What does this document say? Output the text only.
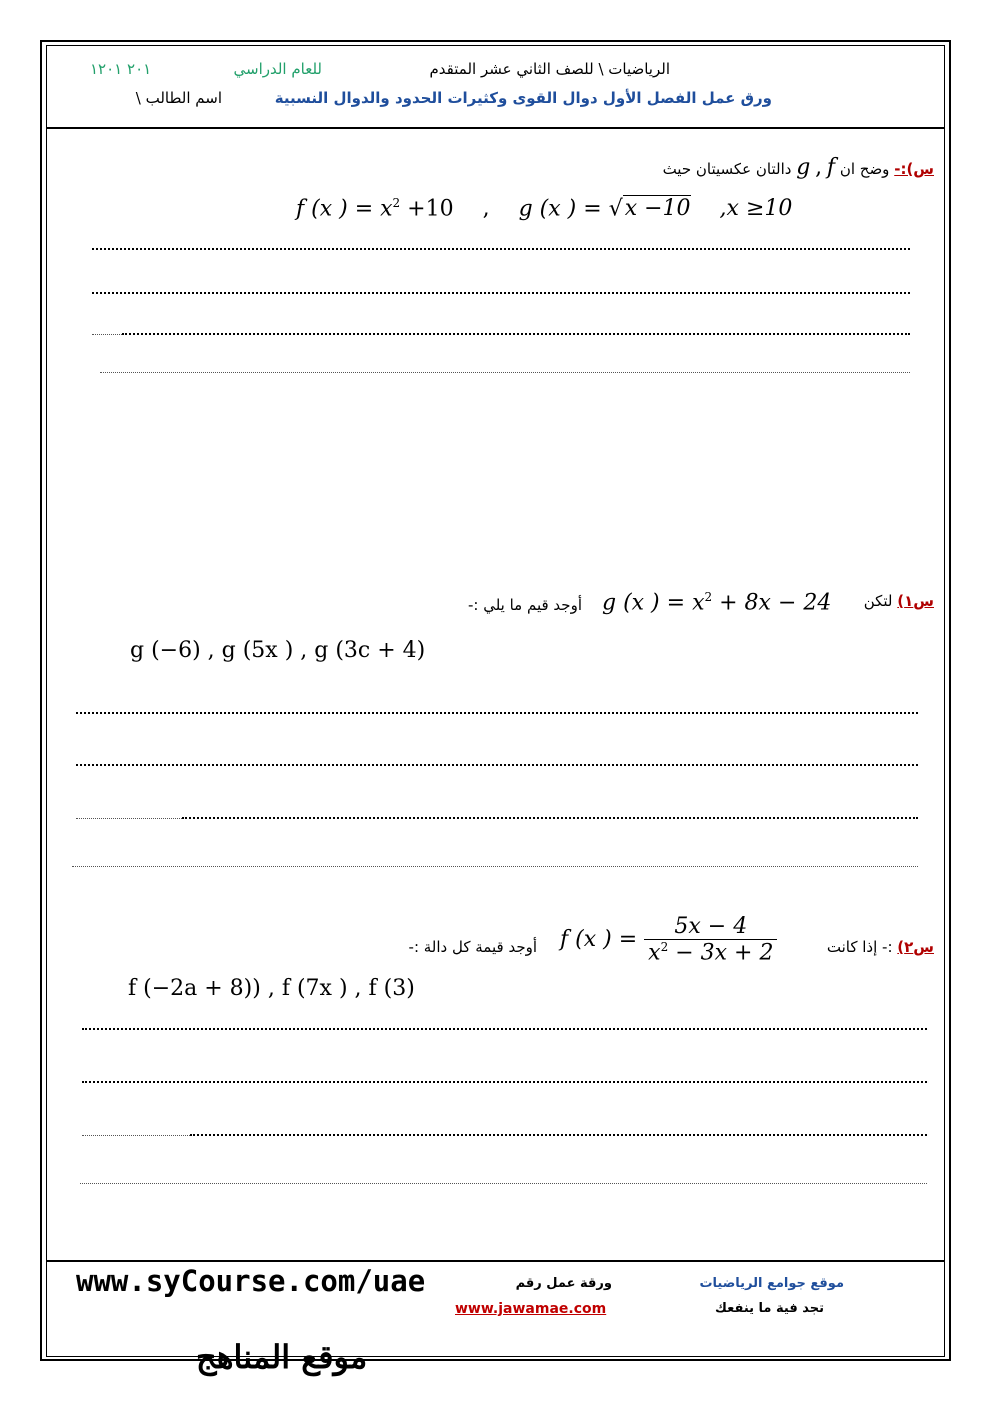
الرياضيات \ للصف الثاني عشر المتقدم
للعام الدراسي
٢٠١ ١٢٠١
ورق عمل الفصل الأول دوال القوى وكثيرات الحدود والدوال النسبية
اسم الطالب \
س):- وضح ان g , f دالتان عكسيتان حيث
f (x ) = $x^2 +10$ , g (x ) = √x −10 ,x ≥10
س١) لتكن
g (x ) = $x^2 + 8x - 24$
أوجد قيم ما يلي :-
g (−6) , g (5x ) , g (3c + 4)
س٢) :- إذا كانت
f (x ) = $\frac{5x - 4}{x^2 - 3x + 2}$
أوجد قيمة كل دالة :-
f (−2a + 8)) , f (7x ) , f (3)
www.syCourse.com/uae	ورقة عمل رقم	موقع جوامع الرياضيات
www.jawamae.com	تجد فية ما ينفعك
موقع المناهج
